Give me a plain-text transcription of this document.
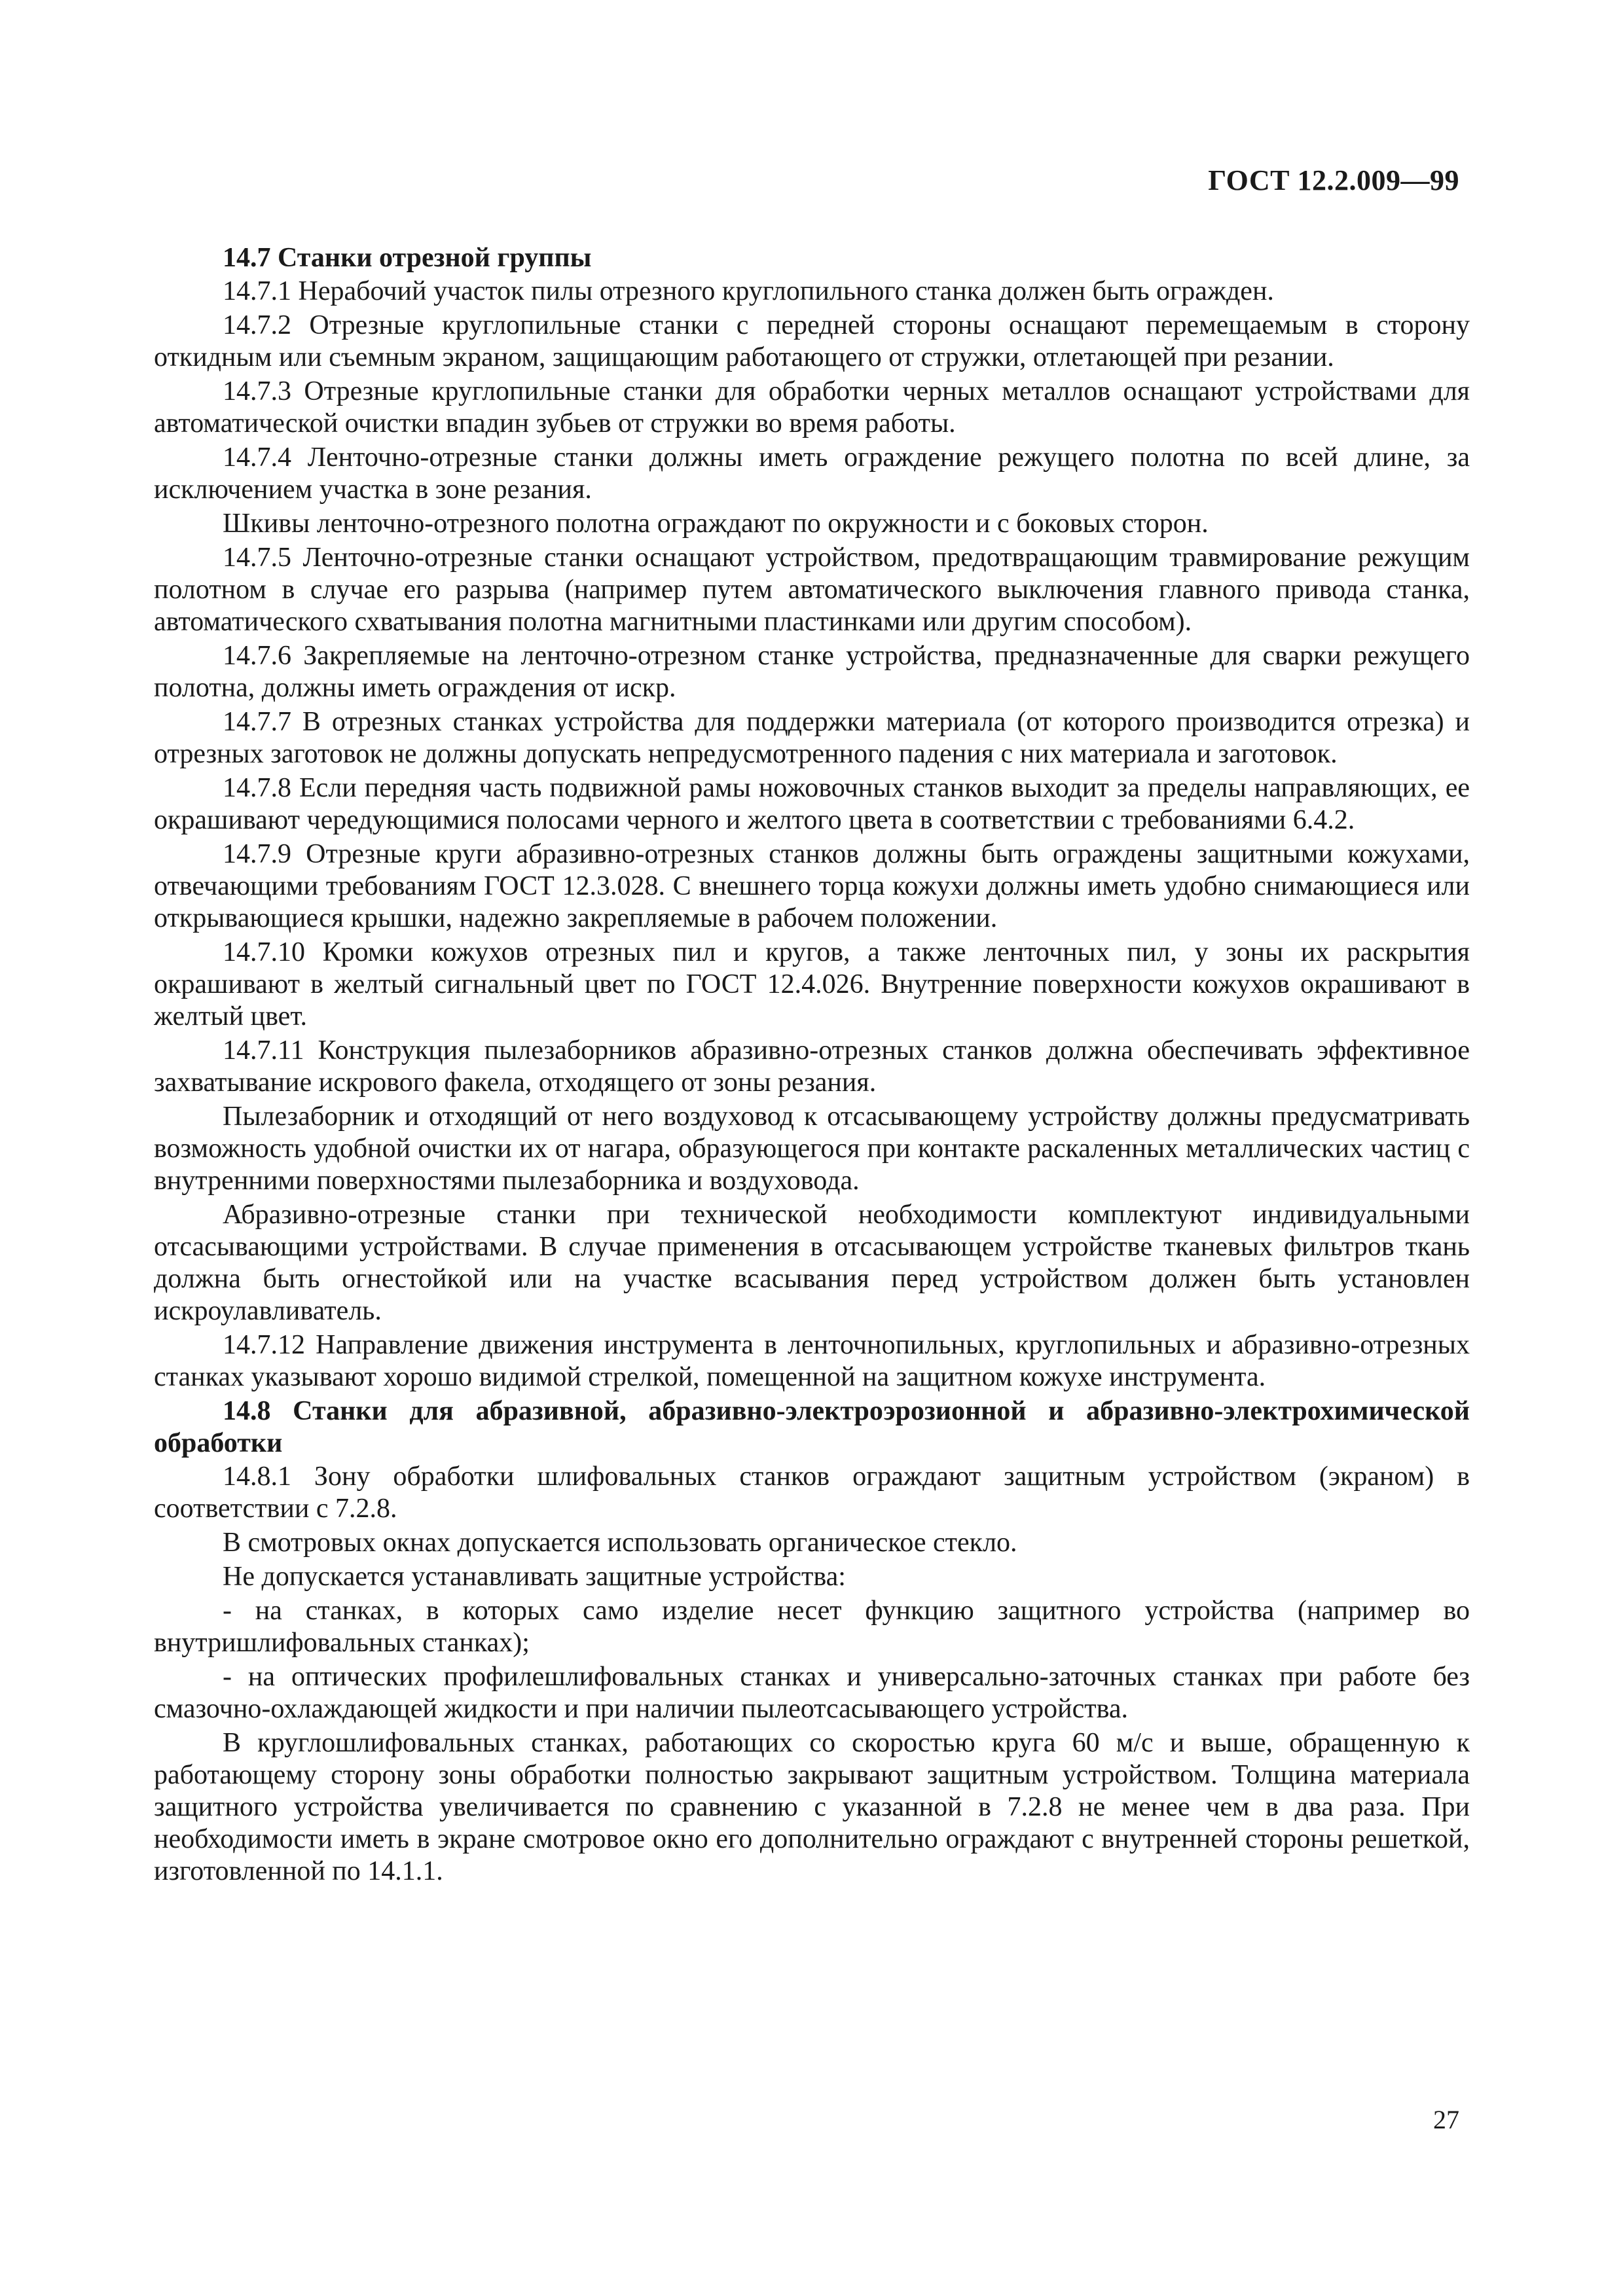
ГОСТ 12.2.009—99
14.7 Станки отрезной группы

14.7.1 Нерабочий участок пилы отрезного круглопильного станка должен быть огражден.

14.7.2 Отрезные круглопильные станки с передней стороны оснащают перемещаемым в сторону откидным или съемным экраном, защищающим работающего от стружки, отлетающей при резании.

14.7.3 Отрезные круглопильные станки для обработки черных металлов оснащают устройствами для автоматической очистки впадин зубьев от стружки во время работы.

14.7.4 Ленточно-отрезные станки должны иметь ограждение режущего полотна по всей длине, за исключением участка в зоне резания.

Шкивы ленточно-отрезного полотна ограждают по окружности и с боковых сторон.

14.7.5 Ленточно-отрезные станки оснащают устройством, предотвращающим травмирование режущим полотном в случае его разрыва (например путем автоматического выключения главного привода станка, автоматического схватывания полотна магнитными пластинками или другим способом).

14.7.6 Закрепляемые на ленточно-отрезном станке устройства, предназначенные для сварки режущего полотна, должны иметь ограждения от искр.

14.7.7 В отрезных станках устройства для поддержки материала (от которого производится отрезка) и отрезных заготовок не должны допускать непредусмотренного падения с них материала и заготовок.

14.7.8 Если передняя часть подвижной рамы ножовочных станков выходит за пределы направляющих, ее окрашивают чередующимися полосами черного и желтого цвета в соответствии с требованиями 6.4.2.

14.7.9 Отрезные круги абразивно-отрезных станков должны быть ограждены защитными кожухами, отвечающими требованиям ГОСТ 12.3.028. С внешнего торца кожухи должны иметь удобно снимающиеся или открывающиеся крышки, надежно закрепляемые в рабочем положении.

14.7.10 Кромки кожухов отрезных пил и кругов, а также ленточных пил, у зоны их раскрытия окрашивают в желтый сигнальный цвет по ГОСТ 12.4.026. Внутренние поверхности кожухов окрашивают в желтый цвет.

14.7.11 Конструкция пылезаборников абразивно-отрезных станков должна обеспечивать эффективное захватывание искрового факела, отходящего от зоны резания.

Пылезаборник и отходящий от него воздуховод к отсасывающему устройству должны предусматривать возможность удобной очистки их от нагара, образующегося при контакте раскаленных металлических частиц с внутренними поверхностями пылезаборника и воздуховода.

Абразивно-отрезные станки при технической необходимости комплектуют индивидуальными отсасывающими устройствами. В случае применения в отсасывающем устройстве тканевых фильтров ткань должна быть огнестойкой или на участке всасывания перед устройством должен быть установлен искроулавливатель.

14.7.12 Направление движения инструмента в ленточнопильных, круглопильных и абразивно-отрезных станках указывают хорошо видимой стрелкой, помещенной на защитном кожухе инструмента.

14.8 Станки для абразивной, абразивно-электроэрозионной и абразивно-электрохимической обработки

14.8.1 Зону обработки шлифовальных станков ограждают защитным устройством (экраном) в соответствии с 7.2.8.

В смотровых окнах допускается использовать органическое стекло.

Не допускается устанавливать защитные устройства:

- на станках, в которых само изделие несет функцию защитного устройства (например во внутришлифовальных станках);

- на оптических профилешлифовальных станках и универсально-заточных станках при работе без смазочно-охлаждающей жидкости и при наличии пылеотсасывающего устройства.

В круглошлифовальных станках, работающих со скоростью круга 60 м/с и выше, обращенную к работающему сторону зоны обработки полностью закрывают защитным устройством. Толщина материала защитного устройства увеличивается по сравнению с указанной в 7.2.8 не менее чем в два раза. При необходимости иметь в экране смотровое окно его дополнительно ограждают с внутренней стороны решеткой, изготовленной по 14.1.1.

27
